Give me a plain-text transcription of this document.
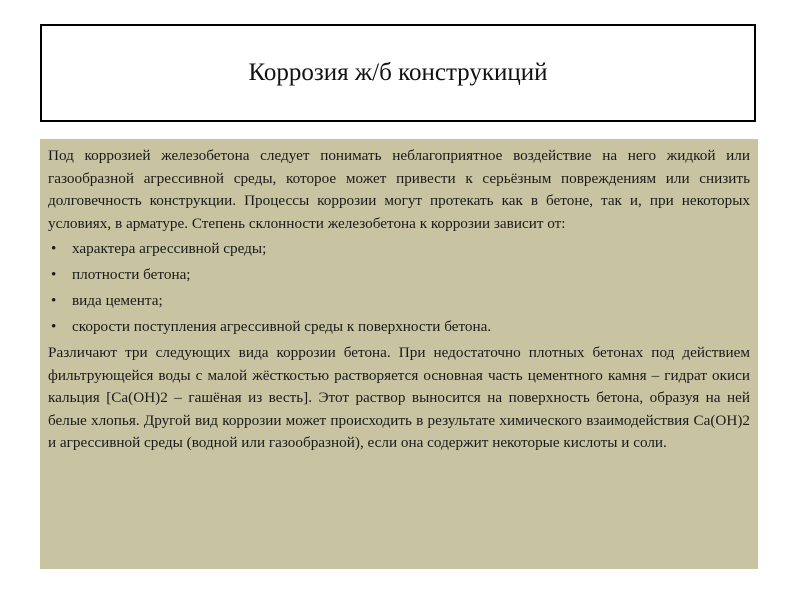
Коррозия ж/б конструкиций

Под коррозией железобетона следует понимать неблагоприятное воздействие на него жидкой или газообразной агрессивной среды, которое может привести к серьёзным повреждениям или снизить долговечность конструкции. Процессы коррозии могут протекать как в бетоне, так и, при некоторых условиях, в арматуре. Степень склонности железобетона к коррозии зависит от:

• характера агрессивной среды;
• плотности бетона;
• вида цемента;
• скорости поступления агрессивной среды к поверхности бетона.

Различают три следующих вида коррозии бетона. При недостаточно плотных бетонах под действием фильтрующейся воды с малой жёсткостью растворяется основная часть цементного камня – гидрат окиси кальция [Са(ОН)2 – гашёная из весть]. Этот раствор выносится на поверхность бетона, образуя на ней белые хлопья. Другой вид коррозии может происходить в результате химического взаимодействия Са(ОН)2 и агрессивной среды (водной или газообразной), если она содержит некоторые кислоты и соли.
